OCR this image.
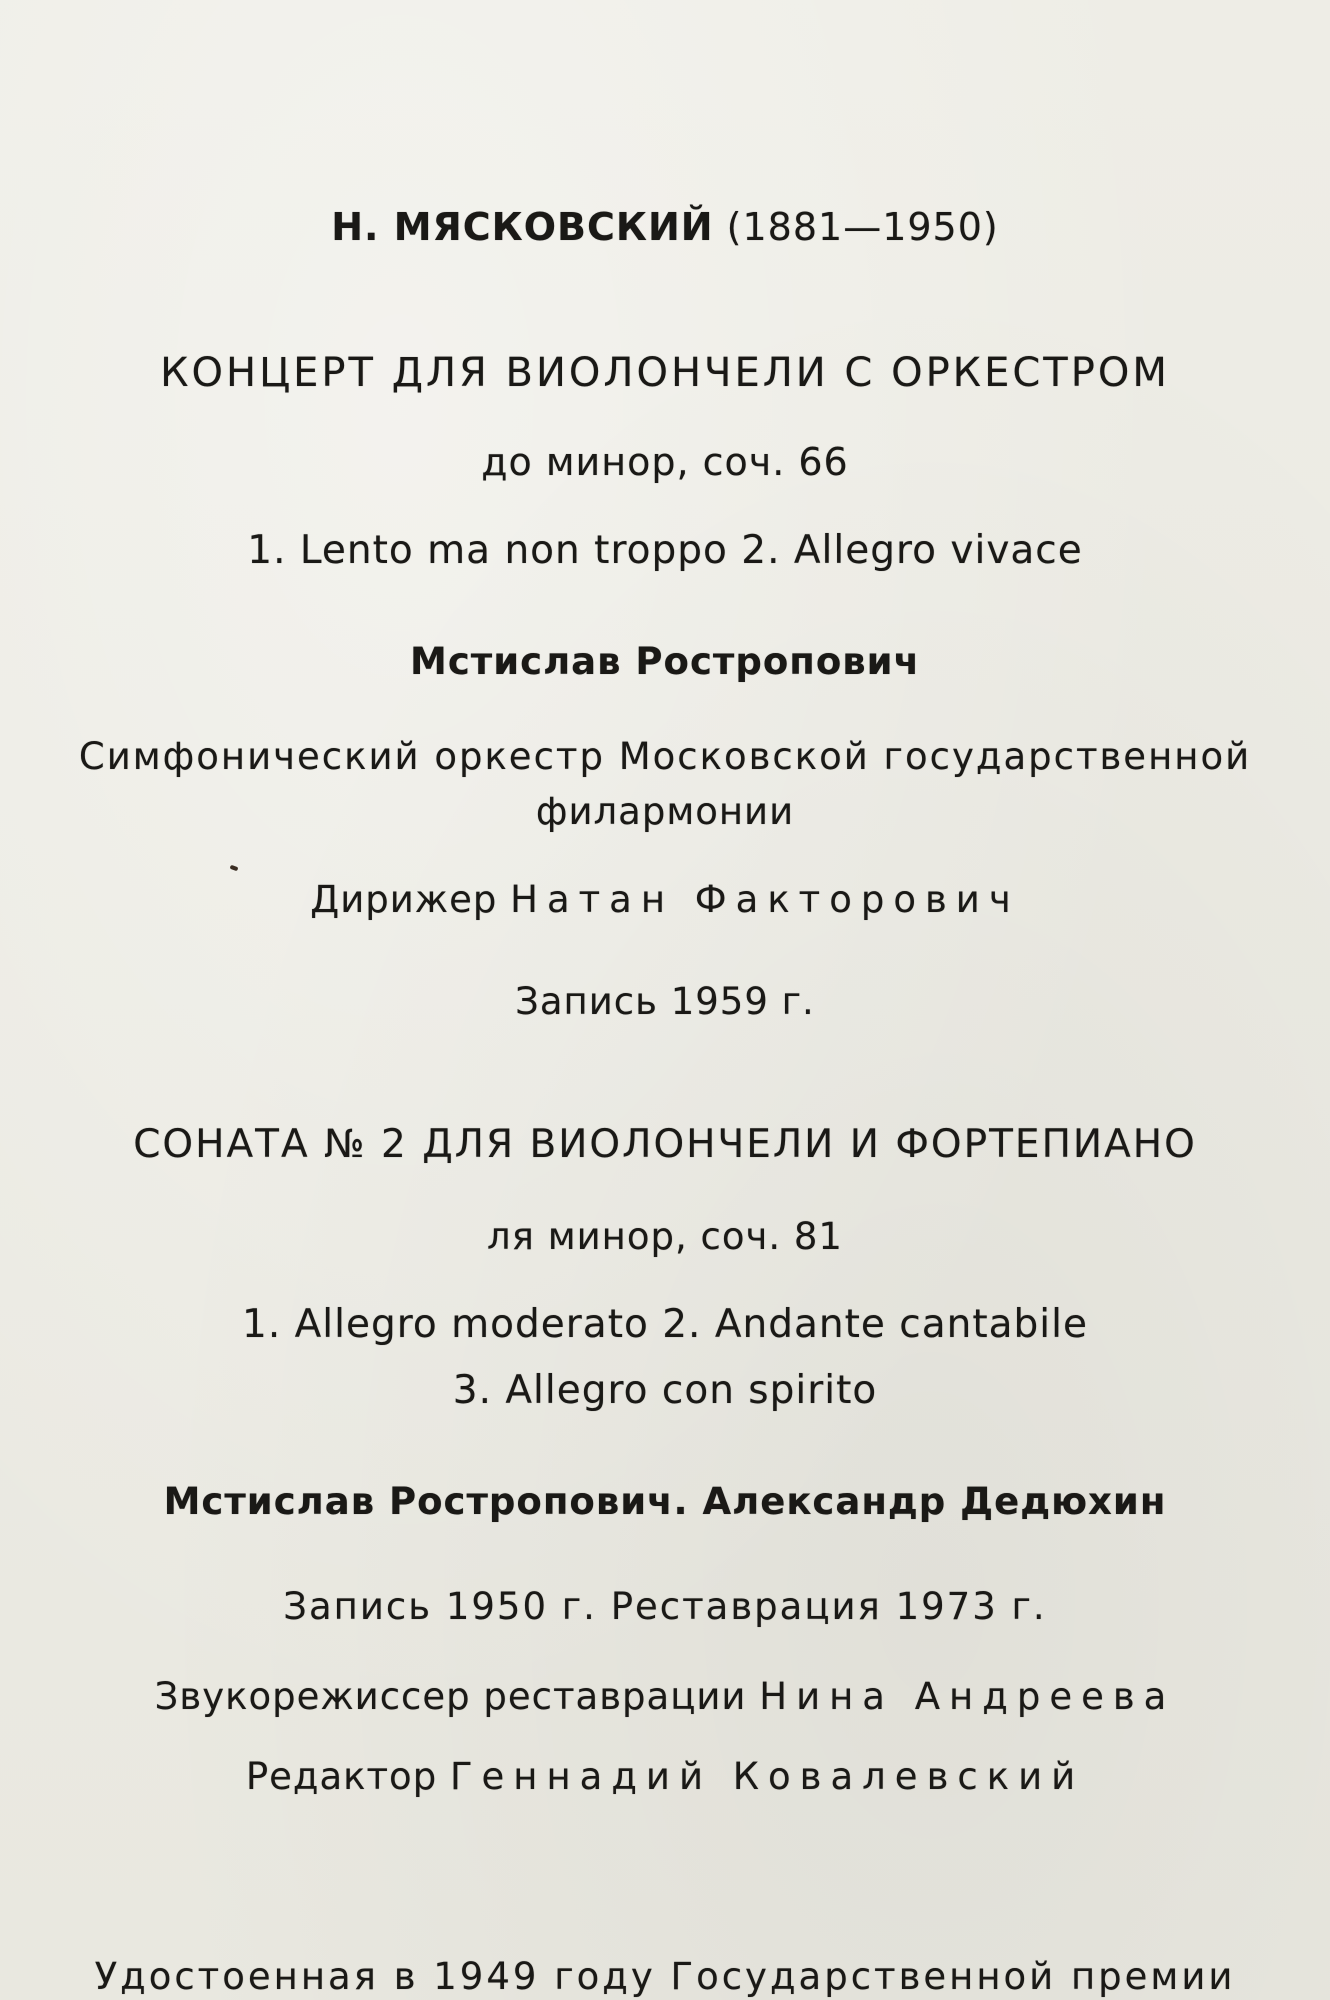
Н. МЯСКОВСКИЙ (1881—1950)
КОНЦЕРТ ДЛЯ ВИОЛОНЧЕЛИ С ОРКЕСТРОМ
до минор, соч. 66
1. Lento ma non troppo 2. Allegro vivace
Мстислав Ростропович
Симфонический оркестр Московской государственной
филармонии
Дирижер Натан Факторович
Запись 1959 г.
СОНАТА № 2 ДЛЯ ВИОЛОНЧЕЛИ И ФОРТЕПИАНО
ля минор, соч. 81
1. Allegro moderato 2. Andante cantabile
3. Allegro con spirito
Мстислав Ростропович. Александр Дедюхин
Запись 1950 г. Реставрация 1973 г.
Звукорежиссер реставрации Нина Андреева
Редактор Геннадий Ковалевский
Удостоенная в 1949 году Государственной премии
